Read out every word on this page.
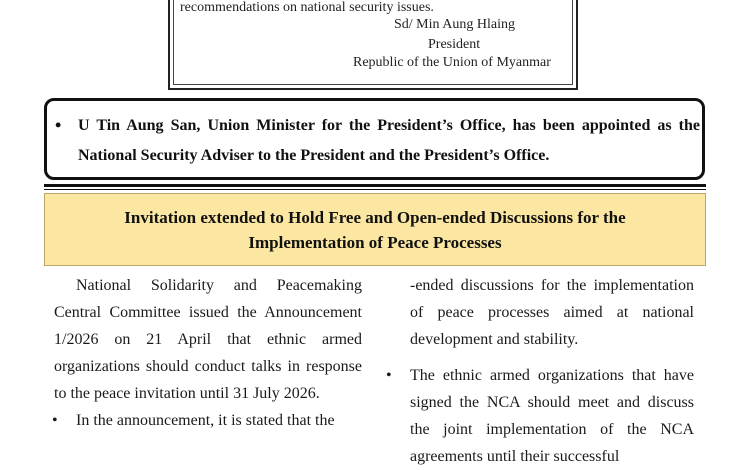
recommendations on national security issues.
Sd/ Min Aung Hlaing
President
Republic of the Union of Myanmar
• U Tin Aung San, Union Minister for the President’s Office, has been appointed as the National Security Adviser to the President and the President’s Office.
Invitation extended to Hold Free and Open-ended Discussions for the Implementation of Peace Processes

National Solidarity and Peacemaking Central Committee issued the Announcement 1/2026 on 21 April that ethnic armed organizations should conduct talks in response to the peace invitation until 31 July 2026.

• In the announcement, it is stated that the

-ended discussions for the implementation of peace processes aimed at national development and stability.

• The ethnic armed organizations that have signed the NCA should meet and discuss the joint implementation of the NCA agreements until their successful
